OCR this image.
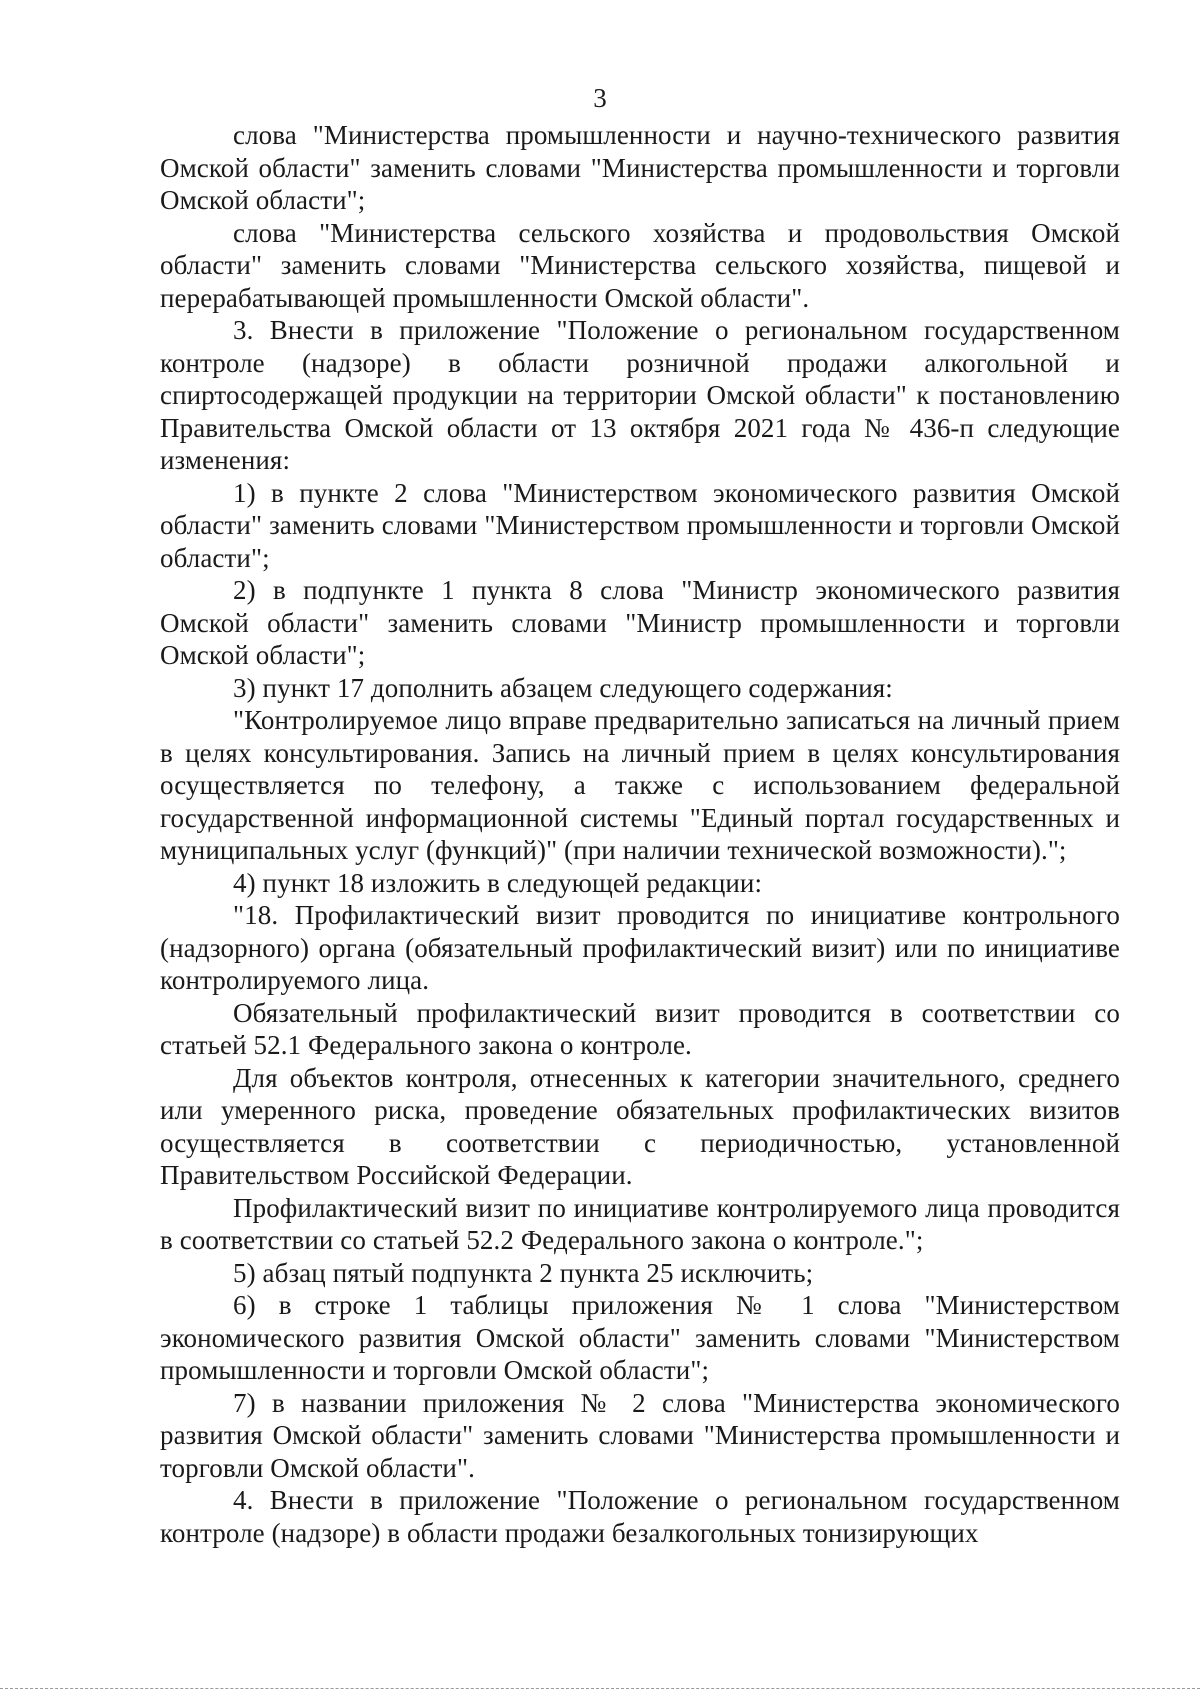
3

слова "Министерства промышленности и научно-технического развития Омской области" заменить словами "Министерства промышленности и торговли Омской области";

слова "Министерства сельского хозяйства и продовольствия Омской области" заменить словами "Министерства сельского хозяйства, пищевой и перерабатывающей промышленности Омской области".

3. Внести в приложение "Положение о региональном государственном контроле (надзоре) в области розничной продажи алкогольной и спиртосодержащей продукции на территории Омской области" к постановлению Правительства Омской области от 13 октября 2021 года № 436-п следующие изменения:

1) в пункте 2 слова "Министерством экономического развития Омской области" заменить словами "Министерством промышленности и торговли Омской области";

2) в подпункте 1 пункта 8 слова "Министр экономического развития Омской области" заменить словами "Министр промышленности и торговли Омской области";

3) пункт 17 дополнить абзацем следующего содержания:

"Контролируемое лицо вправе предварительно записаться на личный прием в целях консультирования. Запись на личный прием в целях консультирования осуществляется по телефону, а также с использованием федеральной государственной информационной системы "Единый портал государственных и муниципальных услуг (функций)" (при наличии технической возможности).";

4) пункт 18 изложить в следующей редакции:

"18. Профилактический визит проводится по инициативе контрольного (надзорного) органа (обязательный профилактический визит) или по инициативе контролируемого лица.

Обязательный профилактический визит проводится в соответствии со статьей 52.1 Федерального закона о контроле.

Для объектов контроля, отнесенных к категории значительного, среднего или умеренного риска, проведение обязательных профилактических визитов осуществляется в соответствии с периодичностью, установленной Правительством Российской Федерации.

Профилактический визит по инициативе контролируемого лица проводится в соответствии со статьей 52.2 Федерального закона о контроле.";

5) абзац пятый подпункта 2 пункта 25 исключить;

6) в строке 1 таблицы приложения № 1 слова "Министерством экономического развития Омской области" заменить словами "Министерством промышленности и торговли Омской области";

7) в названии приложения № 2 слова "Министерства экономического развития Омской области" заменить словами "Министерства промышленности и торговли Омской области".

4. Внести в приложение "Положение о региональном государственном контроле (надзоре) в области продажи безалкогольных тонизирующих
